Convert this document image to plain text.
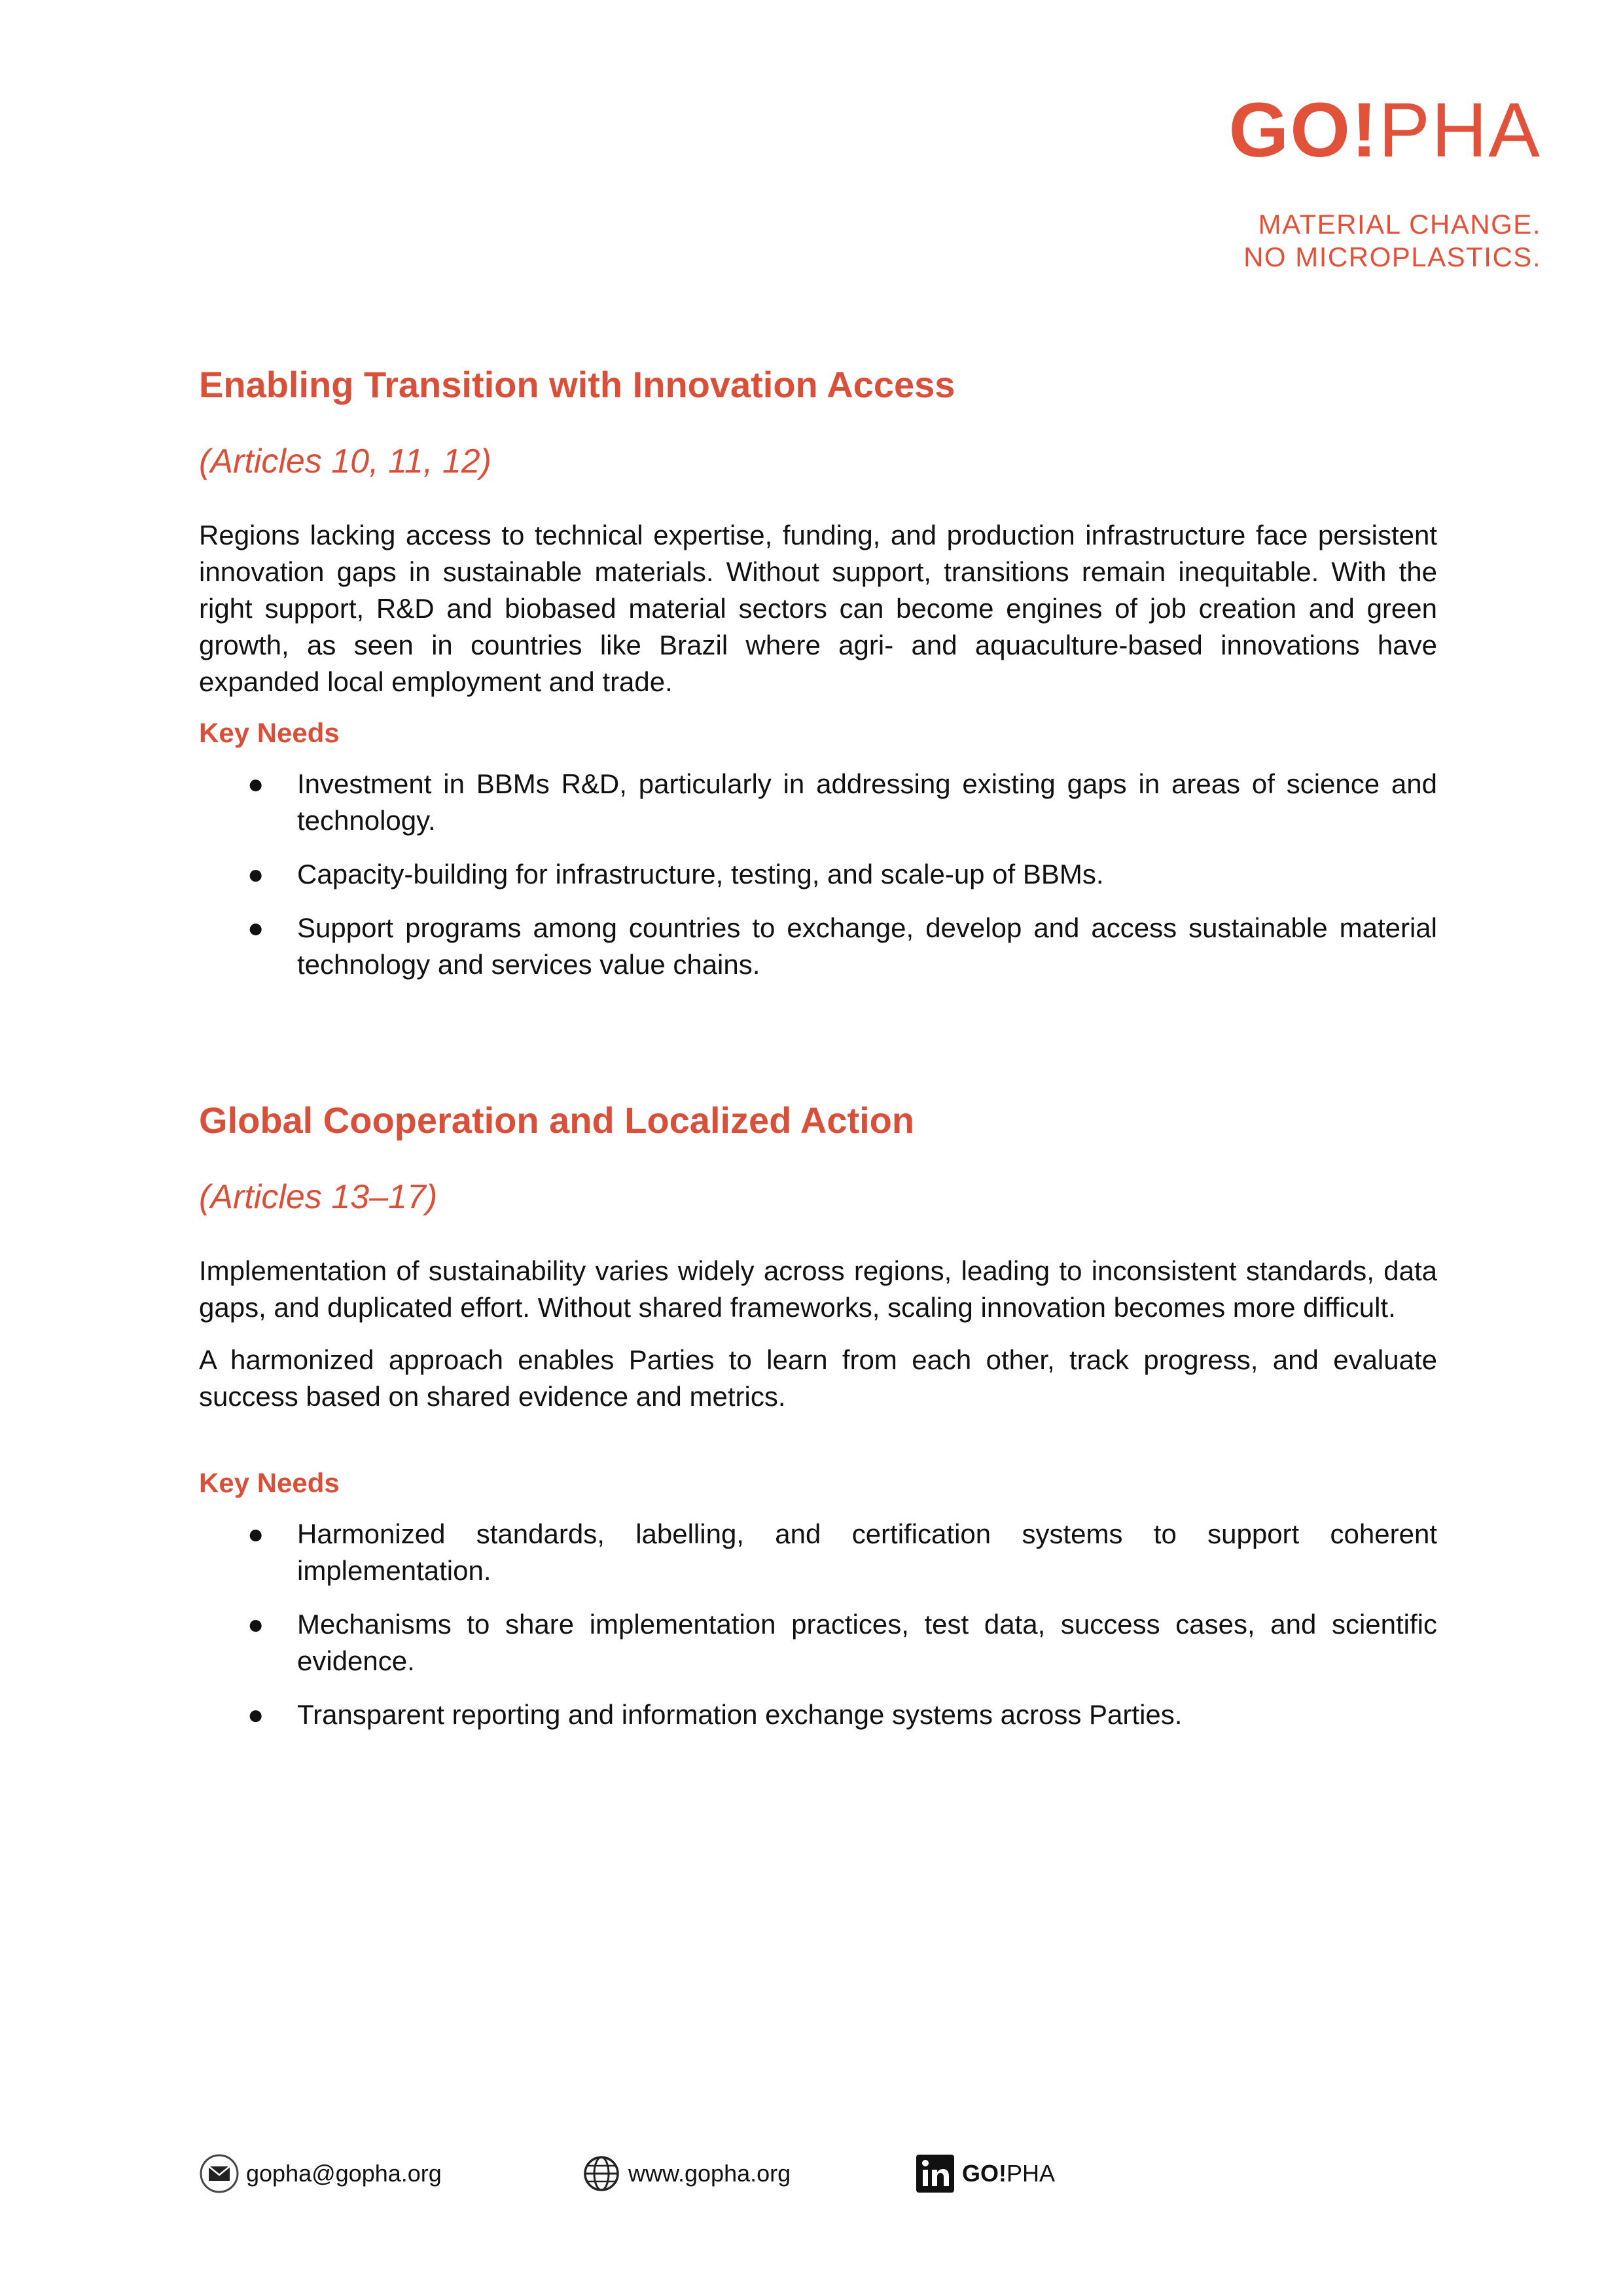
GO!PHA
MATERIAL CHANGE.
NO MICROPLASTICS.
Enabling Transition with Innovation Access
(Articles 10, 11, 12)

Regions lacking access to technical expertise, funding, and production infrastructure face persistent innovation gaps in sustainable materials. Without support, transitions remain inequitable. With the right support, R&D and biobased material sectors can become engines of job creation and green growth, as seen in countries like Brazil where agri- and aquaculture-based innovations have expanded local employment and trade.

Key Needs
● Investment in BBMs R&D, particularly in addressing existing gaps in areas of science and technology.
● Capacity-building for infrastructure, testing, and scale-up of BBMs.
● Support programs among countries to exchange, develop and access sustainable material technology and services value chains.
Global Cooperation and Localized Action
(Articles 13–17)

Implementation of sustainability varies widely across regions, leading to inconsistent standards, data gaps, and duplicated effort. Without shared frameworks, scaling innovation becomes more difficult.

A harmonized approach enables Parties to learn from each other, track progress, and evaluate success based on shared evidence and metrics.

Key Needs
● Harmonized standards, labelling, and certification systems to support coherent implementation.
● Mechanisms to share implementation practices, test data, success cases, and scientific evidence.
● Transparent reporting and information exchange systems across Parties.
gopha@gopha.org	www.gopha.org	GO!PHA
